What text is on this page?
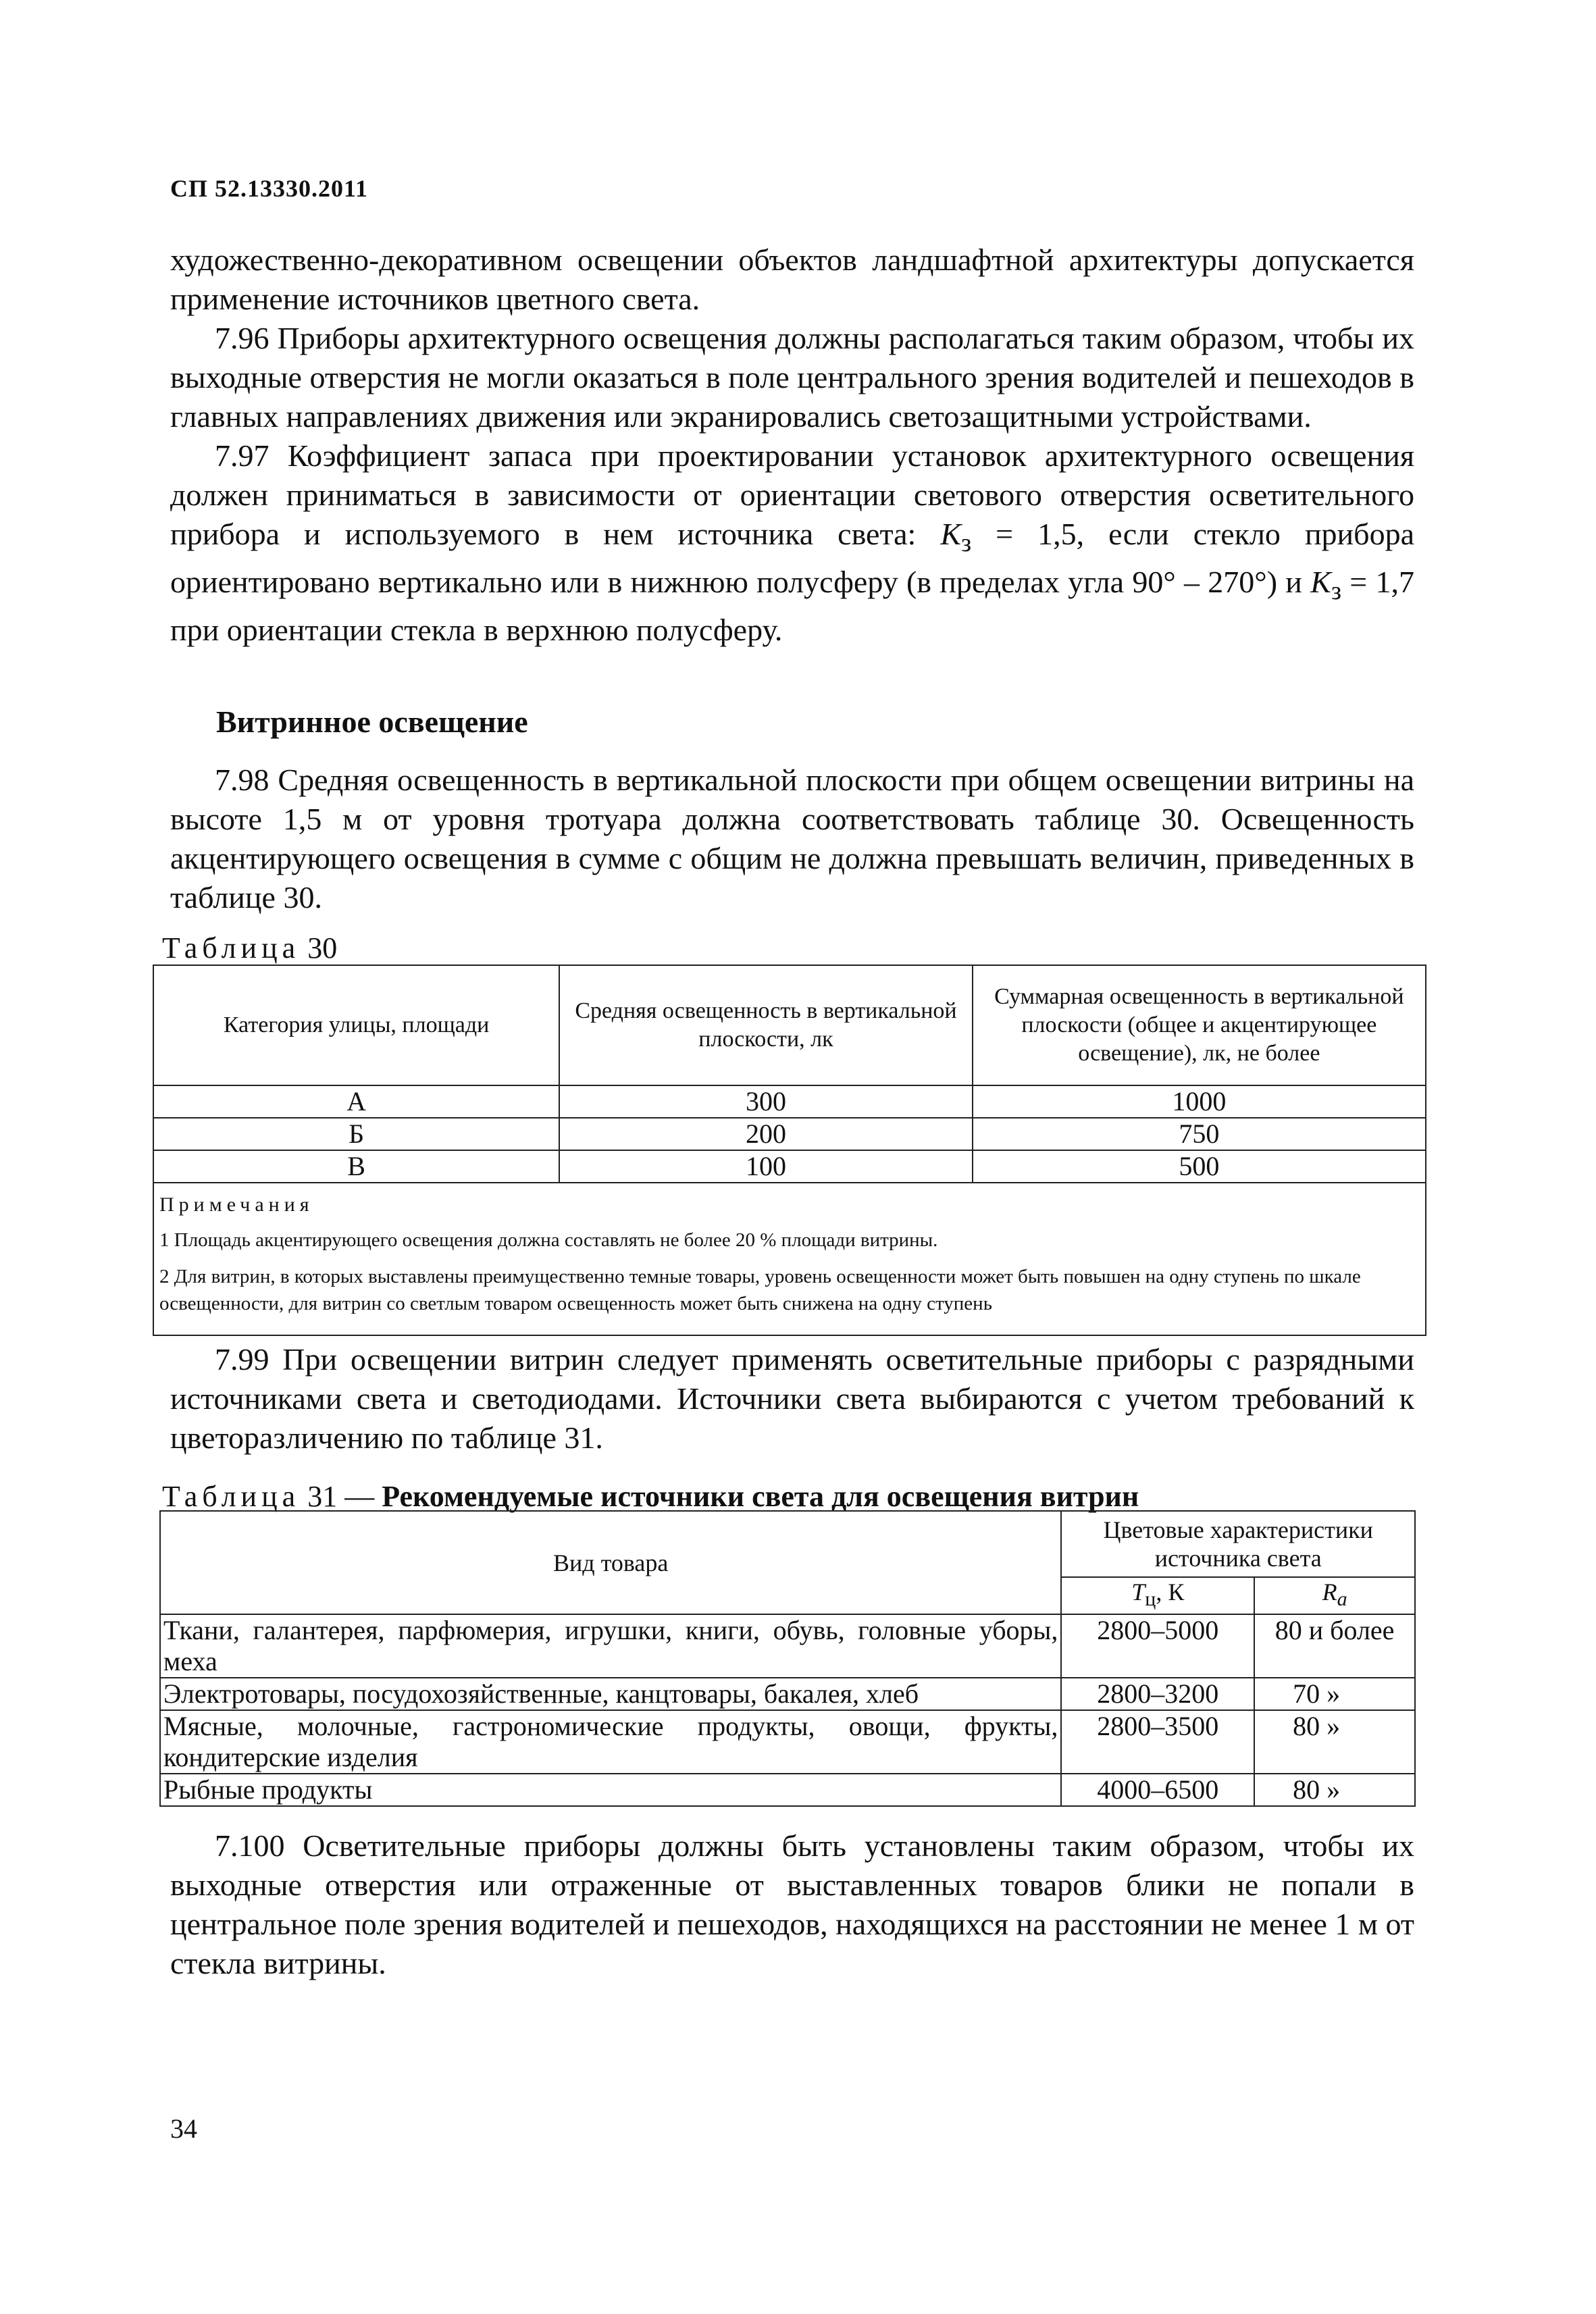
СП 52.13330.2011

художественно-декоративном освещении объектов ландшафтной архитектуры допускается применение источников цветного света.

7.96 Приборы архитектурного освещения должны располагаться таким образом, чтобы их выходные отверстия не могли оказаться в поле центрального зрения водителей и пешеходов в главных направлениях движения или экранировались светозащитными устройствами.

7.97 Коэффициент запаса при проектировании установок архитектурного освещения должен приниматься в зависимости от ориентации светового отверстия осветительного прибора и используемого в нем источника света: $K_з = 1,5$, если стекло прибора ориентировано вертикально или в нижнюю полусферу (в пределах угла 90° – 270°) и $K_з = 1,7$ при ориентации стекла в верхнюю полусферу.

Витринное освещение

7.98 Средняя освещенность в вертикальной плоскости при общем освещении витрины на высоте 1,5 м от уровня тротуара должна соответствовать таблице 30. Освещенность акцентирующего освещения в сумме с общим не должна превышать величин, приведенных в таблице 30.

Таблица 30
Категория улицы, площади	Средняя освещенность в вертикальной плоскости, лк	Суммарная освещенность в вертикальной плоскости (общее и акцентирующее освещение), лк, не более
А	300	1000
Б	200	750
В	100	500

Примечания
1 Площадь акцентирующего освещения должна составлять не более 20 % площади витрины.
2 Для витрин, в которых выставлены преимущественно темные товары, уровень освещенности может быть повышен на одну ступень по шкале освещенности, для витрин со светлым товаром освещенность может быть снижена на одну ступень		

7.99 При освещении витрин следует применять осветительные приборы с разрядными источниками света и светодиодами. Источники света выбираются с учетом требований к цветоразличению по таблице 31.

Таблица 31 — Рекомендуемые источники света для освещения витрин
Вид товара	Цветовые характеристики источника света	
	$T_ц$, К	$R_a$
Ткани, галантерея, парфюмерия, игрушки, книги, обувь, головные уборы, меха	2800–5000	80 и более
Электротовары, посудохозяйственные, канцтовары, бакалея, хлеб	2800–3200	70 »
Мясные, молочные, гастрономические продукты, овощи, фрукты, кондитерские изделия	2800–3500	80 »
Рыбные продукты	4000–6500	80 »

7.100 Осветительные приборы должны быть установлены таким образом, чтобы их выходные отверстия или отраженные от выставленных товаров блики не попали в центральное поле зрения водителей и пешеходов, находящихся на расстоянии не менее 1 м от стекла витрины.

34
